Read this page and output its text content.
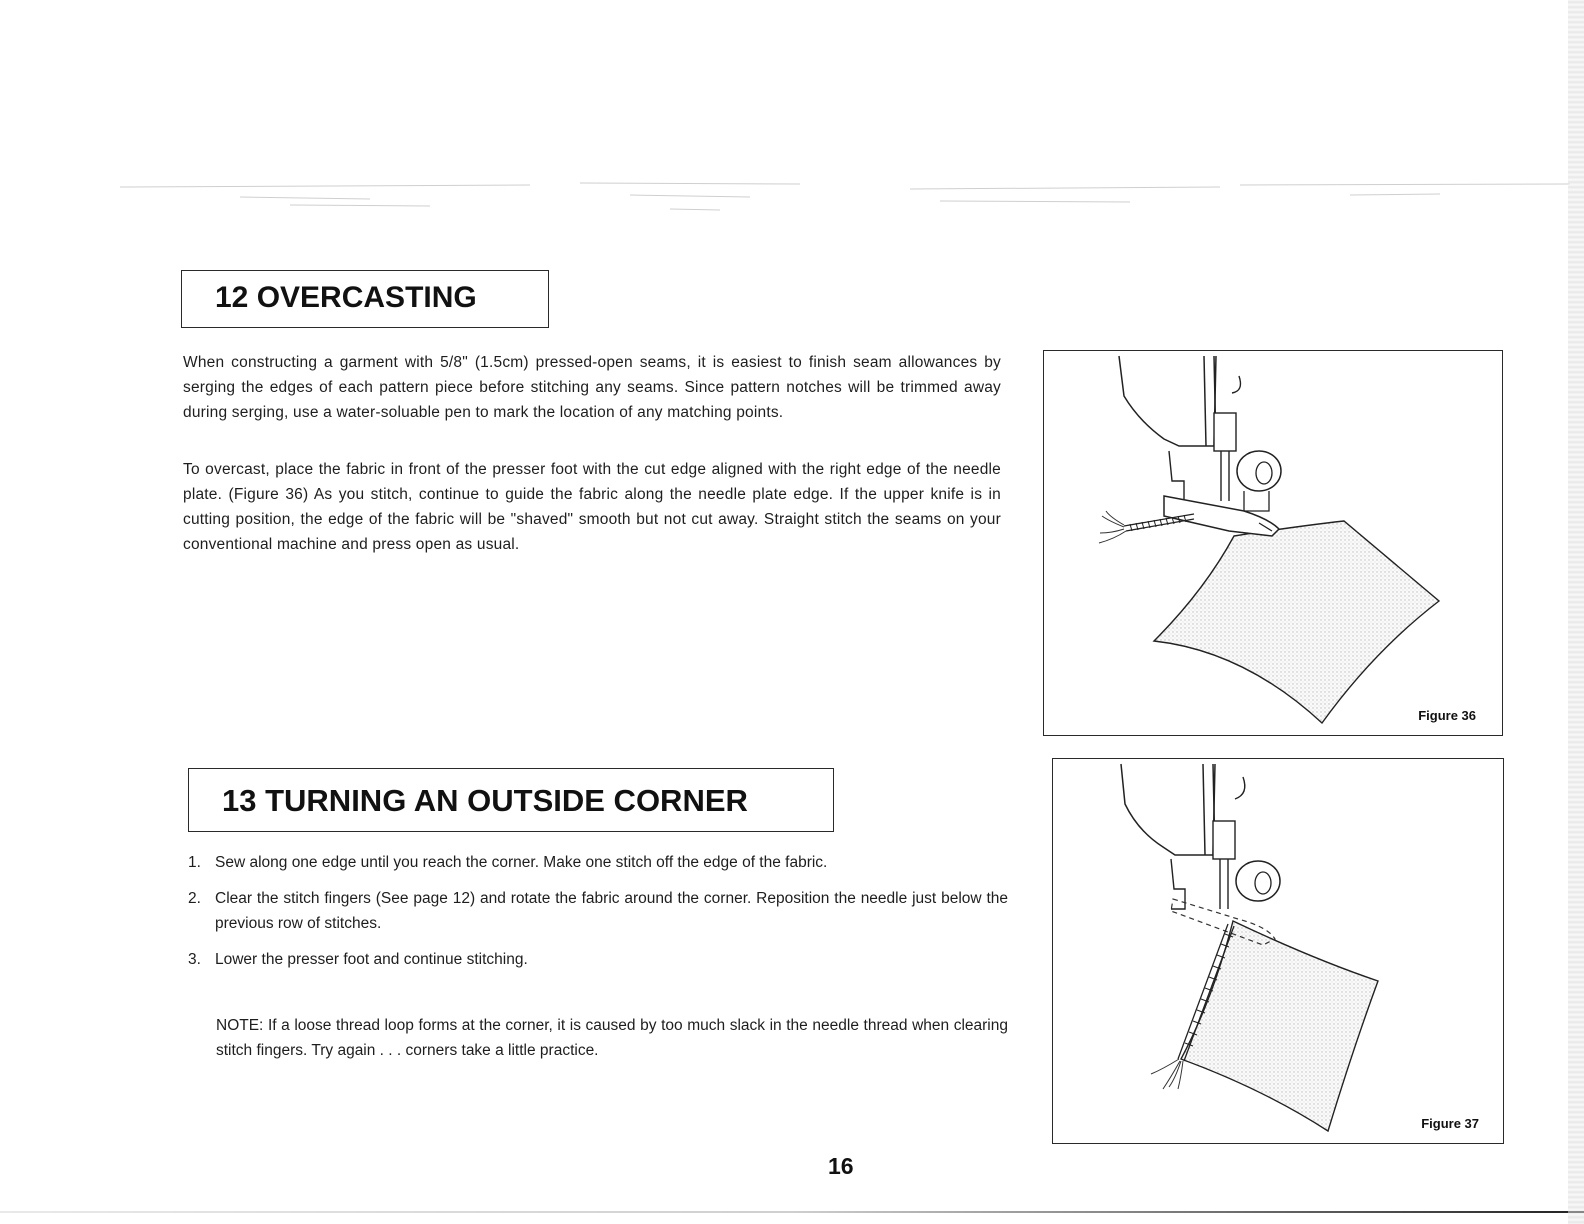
12 OVERCASTING

When constructing a garment with 5/8" (1.5cm) pressed-open seams, it is easiest to finish seam allowances by serging the edges of each pattern piece before stitching any seams. Since pattern notches will be trimmed away during serging, use a water-soluable pen to mark the location of any matching points.

To overcast, place the fabric in front of the presser foot with the cut edge aligned with the right edge of the needle plate. (Figure 36) As you stitch, continue to guide the fabric along the needle plate edge. If the upper knife is in cutting position, the edge of the fabric will be "shaved" smooth but not cut away. Straight stitch the seams on your conventional machine and press open as usual.

Figure 36
13 TURNING AN OUTSIDE CORNER
1. Sew along one edge until you reach the corner. Make one stitch off the edge of the fabric.
2. Clear the stitch fingers (See page 12) and rotate the fabric around the corner. Reposition the needle just below the previous row of stitches.
3. Lower the presser foot and continue stitching.

NOTE: If a loose thread loop forms at the corner, it is caused by too much slack in the needle thread when clearing stitch fingers. Try again . . . corners take a little practice.

Figure 37
16
